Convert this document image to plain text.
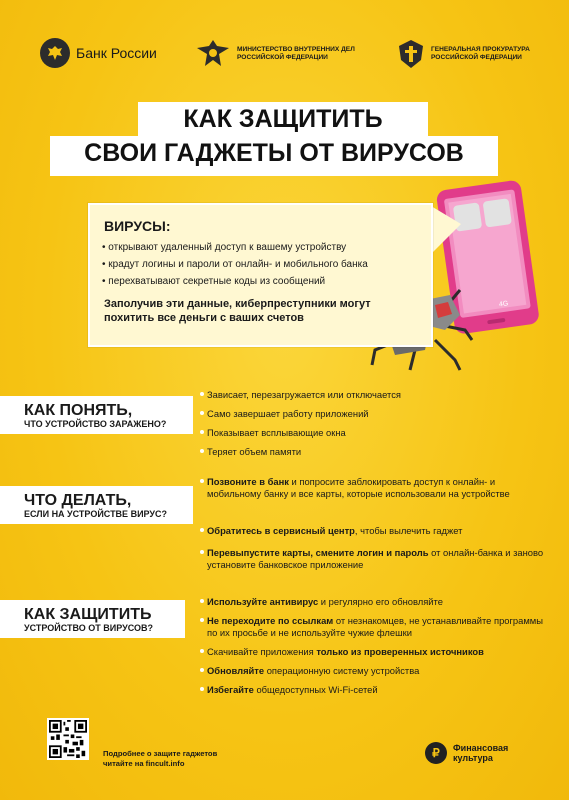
Банк России	МИНИСТЕРСТВО ВНУТРЕННИХ ДЕЛ РОССИЙСКОЙ ФЕДЕРАЦИИ
ГЕНЕРАЛЬНАЯ ПРОКУРАТУРА РОССИЙСКОЙ ФЕДЕРАЦИИ
КАК ЗАЩИТИТЬ
СВОИ ГАДЖЕТЫ ОТ ВИРУСОВ
4G
ВИРУСЫ:
• открывают удаленный доступ к вашему устройству
• крадут логины и пароли от онлайн- и мобильного банка
• перехватывают секретные коды из сообщений
Заполучив эти данные, киберпреступники могут похитить все деньги с ваших счетов
КАК ПОНЯТЬ,
ЧТО УСТРОЙСТВО ЗАРАЖЕНО?
Зависает, перезагружается или отключается
Само завершает работу приложений
Показывает всплывающие окна
Теряет объем памяти
ЧТО ДЕЛАТЬ,
ЕСЛИ НА УСТРОЙСТВЕ ВИРУС?
Позвоните в банк и попросите заблокировать доступ к онлайн- и мобильному банку и все карты, которые использовали на устройстве
Обратитесь в сервисный центр, чтобы вылечить гаджет
Перевыпустите карты, смените логин и пароль от онлайн-банка и заново установите банковское приложение
КАК ЗАЩИТИТЬ
УСТРОЙСТВО ОТ ВИРУСОВ?
Используйте антивирус и регулярно его обновляйте
Не переходите по ссылкам от незнакомцев, не устанавливайте программы по их просьбе и не используйте чужие флешки
Скачивайте приложения только из проверенных источников
Обновляйте операционную систему устройства
Избегайте общедоступных Wi-Fi-сетей
Подробнее о защите гаджетов
читайте на fincult.info
₽	Финансовая
культура
